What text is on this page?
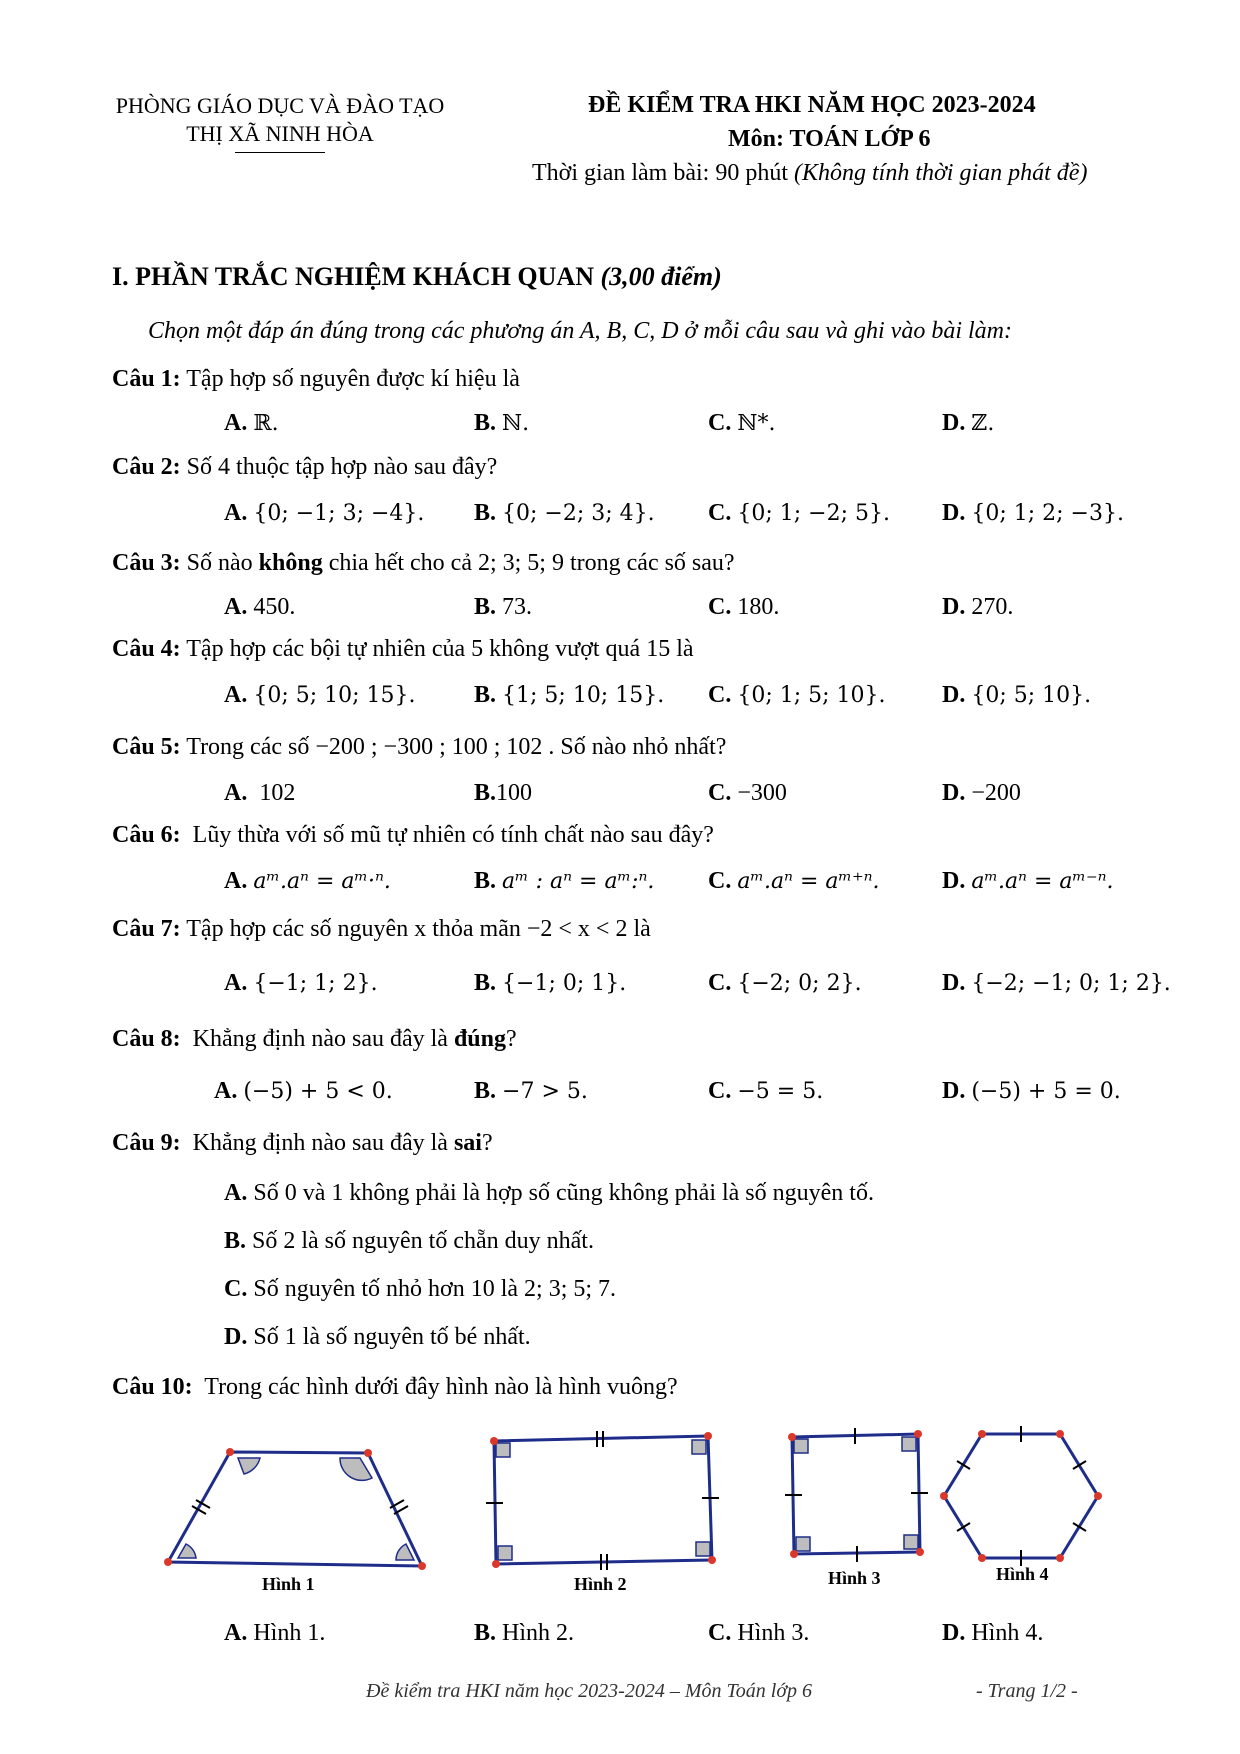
PHÒNG GIÁO DỤC VÀ ĐÀO TẠO
THỊ XÃ NINH HÒA
ĐỀ KIỂM TRA HKI NĂM HỌC 2023-2024
Môn: TOÁN LỚP 6
Thời gian làm bài: 90 phút (Không tính thời gian phát đề)
I. PHẦN TRẮC NGHIỆM KHÁCH QUAN (3,00 điểm)
Chọn một đáp án đúng trong các phương án A, B, C, D ở mỗi câu sau và ghi vào bài làm:
Câu 1: Tập hợp số nguyên được kí hiệu là
A. ℝ.	B. ℕ.	C. ℕ*.	D. ℤ.
Câu 2: Số 4 thuộc tập hợp nào sau đây?
A. {0; −1; 3; −4}. B. {0; −2; 3; 4}. C. {0; 1; −2; 5}. D. {0; 1; 2; −3}.
Câu 3: Số nào không chia hết cho cả 2; 3; 5; 9 trong các số sau?
A. 450.	B. 73.	C. 180.	D. 270.
Câu 4: Tập hợp các bội tự nhiên của 5 không vượt quá 15 là
A. {0; 5; 10; 15}. B. {1; 5; 10; 15}. C. {0; 1; 5; 10}. D. {0; 5; 10}.
Câu 5: Trong các số −200 ; −300 ; 100 ; 102 . Số nào nhỏ nhất?
A. 102	B.100	C. −300	D. −200
Câu 6: Lũy thừa với số mũ tự nhiên có tính chất nào sau đây?
A. aᵐ.aⁿ = aᵐ·ⁿ.	B. aᵐ : aⁿ = aᵐ:ⁿ. C. aᵐ.aⁿ = aᵐ⁺ⁿ.	D. aᵐ.aⁿ = aᵐ⁻ⁿ.
Câu 7: Tập hợp các số nguyên x thỏa mãn −2 < x < 2 là
A. {−1; 1; 2}.	B. {−1; 0; 1}.	C. {−2; 0; 2}.	D. {−2; −1; 0; 1; 2}.
Câu 8: Khẳng định nào sau đây là đúng?
A. (−5) + 5 < 0.	B. −7 > 5.	C. −5 = 5.	D. (−5) + 5 = 0.
Câu 9: Khẳng định nào sau đây là sai?
A. Số 0 và 1 không phải là hợp số cũng không phải là số nguyên tố.
B. Số 2 là số nguyên tố chẵn duy nhất.
C. Số nguyên tố nhỏ hơn 10 là 2; 3; 5; 7.
D. Số 1 là số nguyên tố bé nhất.
Câu 10: Trong các hình dưới đây hình nào là hình vuông?
Hình 1	Hình 2	Hình 3	Hình 4
A. Hình 1.	B. Hình 2.	C. Hình 3.	D. Hình 4.
Đề kiểm tra HKI năm học 2023-2024 – Môn Toán lớp 6	- Trang 1/2 -
